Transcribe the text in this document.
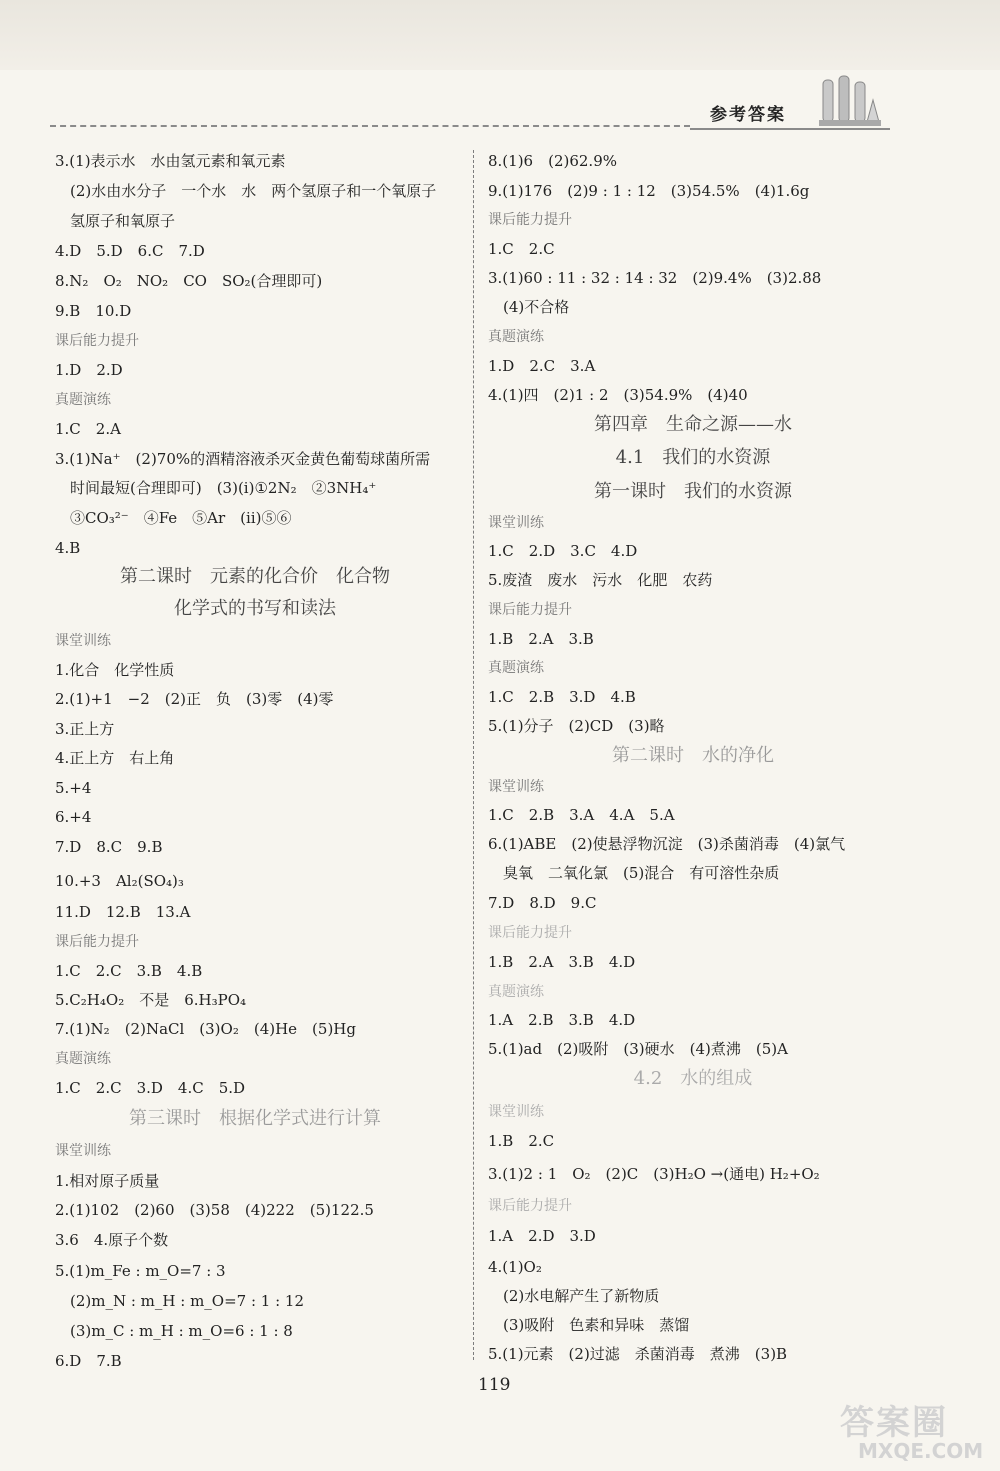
参考答案
3.(1)表示水　水由氢元素和氧元素
　(2)水由水分子　一个水　水　两个氢原子和一个氧原子
　氢原子和氧原子
4.D　5.D　6.C　7.D
8.N₂　O₂　NO₂　CO　SO₂(合理即可)
9.B　10.D
课后能力提升
1.D　2.D
真题演练
1.C　2.A
3.(1)Na⁺　(2)70%的酒精溶液杀灭金黄色葡萄球菌所需
　时间最短(合理即可)　(3)(ⅰ)①2N₂　②3NH₄⁺
　③CO₃²⁻　④Fe　⑤Ar　(ⅱ)⑤⑥
4.B
第二课时　元素的化合价　化合物
化学式的书写和读法
课堂训练
1.化合　化学性质
2.(1)+1　−2　(2)正　负　(3)零　(4)零
3.正上方
4.正上方　右上角
5.+4
6.+4
7.D　8.C　9.B
10.+3　Al₂(SO₄)₃
11.D　12.B　13.A
课后能力提升
1.C　2.C　3.B　4.B
5.C₂H₄O₂　不是　6.H₃PO₄
7.(1)N₂　(2)NaCl　(3)O₂　(4)He　(5)Hg
真题演练
1.C　2.C　3.D　4.C　5.D
第三课时　根据化学式进行计算
课堂训练
1.相对原子质量
2.(1)102　(2)60　(3)58　(4)222　(5)122.5
3.6　4.原子个数
5.(1)m_Fe : m_O=7 : 3
　(2)m_N : m_H : m_O=7 : 1 : 12
　(3)m_C : m_H : m_O=6 : 1 : 8
6.D　7.B
8.(1)6　(2)62.9%
9.(1)176　(2)9 : 1 : 12　(3)54.5%　(4)1.6g
课后能力提升
1.C　2.C
3.(1)60 : 11 : 32 : 14 : 32　(2)9.4%　(3)2.88
　(4)不合格
真题演练
1.D　2.C　3.A
4.(1)四　(2)1 : 2　(3)54.9%　(4)40
第四章　生命之源——水
4.1　我们的水资源
第一课时　我们的水资源
课堂训练
1.C　2.D　3.C　4.D
5.废渣　废水　污水　化肥　农药
课后能力提升
1.B　2.A　3.B
真题演练
1.C　2.B　3.D　4.B
5.(1)分子　(2)CD　(3)略
第二课时　水的净化
课堂训练
1.C　2.B　3.A　4.A　5.A
6.(1)ABE　(2)使悬浮物沉淀　(3)杀菌消毒　(4)氯气
　臭氧　二氧化氯　(5)混合　有可溶性杂质
7.D　8.D　9.C
课后能力提升
1.B　2.A　3.B　4.D
真题演练
1.A　2.B　3.B　4.D
5.(1)ad　(2)吸附　(3)硬水　(4)煮沸　(5)A
4.2　水的组成
课堂训练
1.B　2.C
3.(1)2 : 1　O₂　(2)C　(3)H₂O →(通电) H₂+O₂
课后能力提升
1.A　2.D　3.D
4.(1)O₂
　(2)水电解产生了新物质
　(3)吸附　色素和异味　蒸馏
5.(1)元素　(2)过滤　杀菌消毒　煮沸　(3)B
119
答案圈
MXQE.COM
